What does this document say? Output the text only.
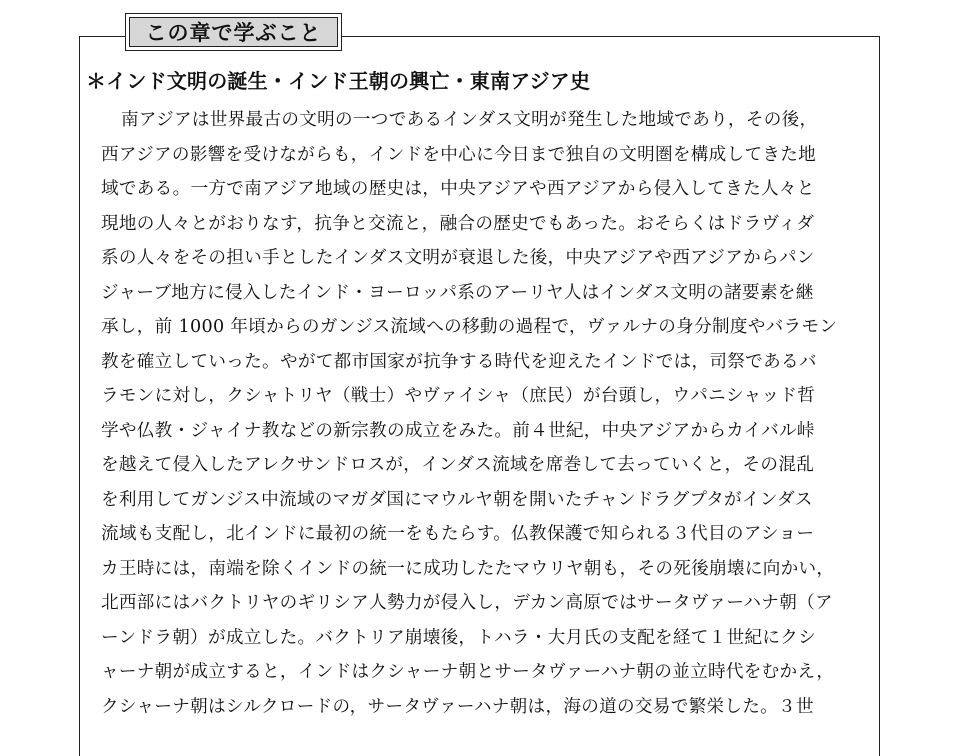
この章で学ぶこと
＊インド文明の誕生・インド王朝の興亡・東南アジア史
南アジアは世界最古の文明の一つであるインダス文明が発生した地域であり，その後，
西アジアの影響を受けながらも，インドを中心に今日まで独自の文明圏を構成してきた地
域である。一方で南アジア地域の歴史は，中央アジアや西アジアから侵入してきた人々と
現地の人々とがおりなす，抗争と交流と，融合の歴史でもあった。おそらくはドラヴィダ
系の人々をその担い手としたインダス文明が衰退した後，中央アジアや西アジアからパン
ジャーブ地方に侵入したインド・ヨーロッパ系のアーリヤ人はインダス文明の諸要素を継
承し，前 1000 年頃からのガンジス流域への移動の過程で，ヴァルナの身分制度やバラモン
教を確立していった。やがて都市国家が抗争する時代を迎えたインドでは，司祭であるバ
ラモンに対し，クシャトリヤ（戦士）やヴァイシャ（庶民）が台頭し，ウパニシャッド哲
学や仏教・ジャイナ教などの新宗教の成立をみた。前４世紀，中央アジアからカイバル峠
を越えて侵入したアレクサンドロスが，インダス流域を席巻して去っていくと，その混乱
を利用してガンジス中流域のマガダ国にマウルヤ朝を開いたチャンドラグプタがインダス
流域も支配し，北インドに最初の統一をもたらす。仏教保護で知られる３代目のアショー
カ王時には，南端を除くインドの統一に成功したたマウリヤ朝も，その死後崩壊に向かい，
北西部にはバクトリヤのギリシア人勢力が侵入し，デカン高原ではサータヴァーハナ朝（ア
ーンドラ朝）が成立した。バクトリア崩壊後，トハラ・大月氏の支配を経て１世紀にクシ
ャーナ朝が成立すると，インドはクシャーナ朝とサータヴァーハナ朝の並立時代をむかえ，
クシャーナ朝はシルクロードの，サータヴァーハナ朝は，海の道の交易で繁栄した。３世
